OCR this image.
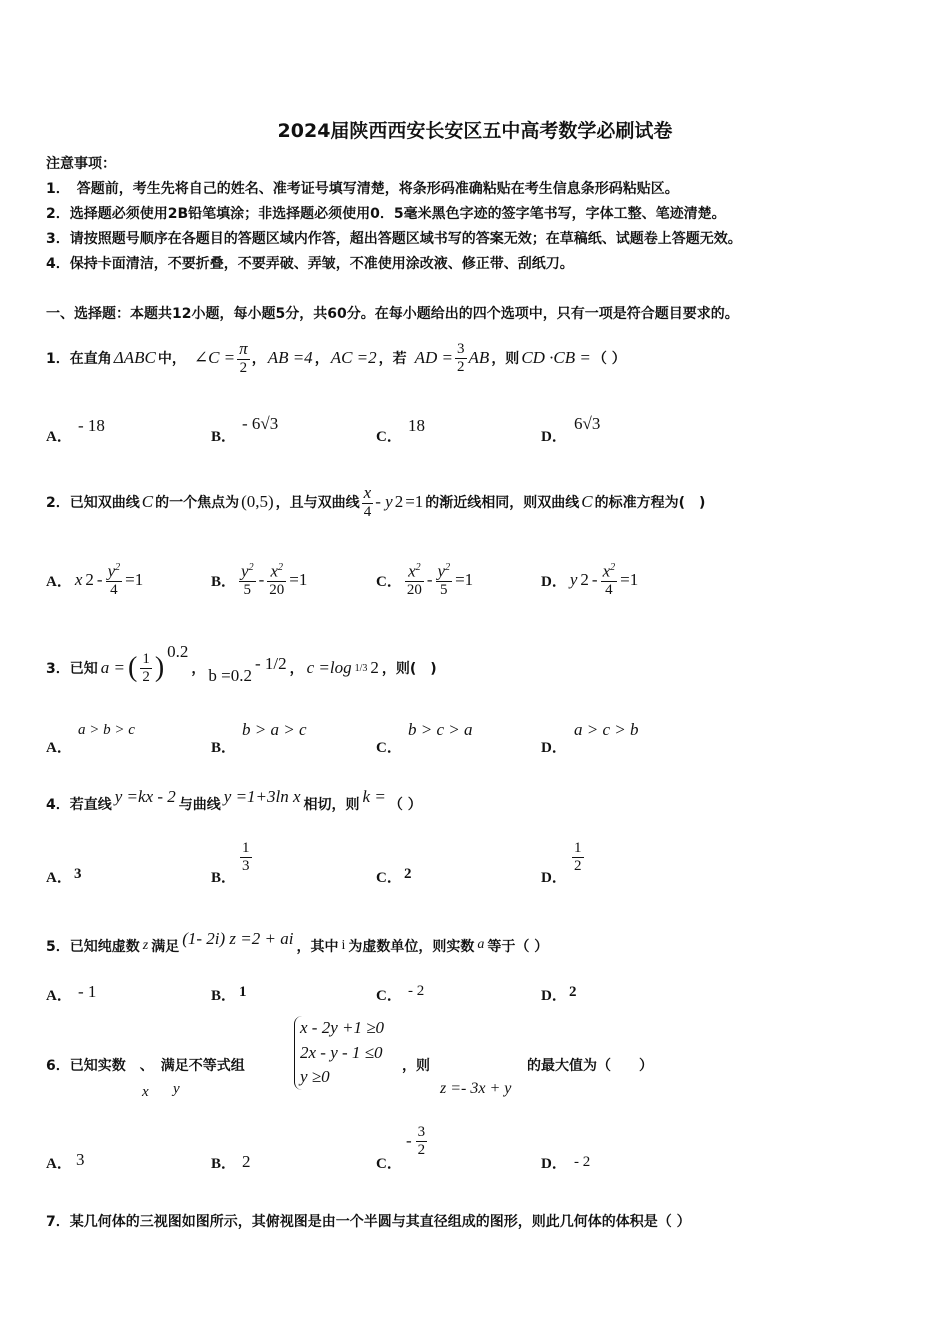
2024届陕西西安长安区五中高考数学必刷试卷
注意事项：
1．　答题前，考生先将自己的姓名、准考证号填写清楚，将条形码准确粘贴在考生信息条形码粘贴区。
2．选择题必须使用2B铅笔填涂；非选择题必须使用0．5毫米黑色字迹的签字笔书写，字体工整、笔迹清楚。
3．请按照题号顺序在各题目的答题区域内作答，超出答题区域书写的答案无效；在草稿纸、试题卷上答题无效。
4．保持卡面清洁，不要折叠，不要弄破、弄皱，不准使用涂改液、修正带、刮纸刀。
一、选择题：本题共12小题，每小题5分，共60分。在每小题给出的四个选项中，只有一项是符合题目要求的。
1．在直角 ΔABC 中， ∠C = $\frac{\pi}{2}$ ， AB =4 ， AC =2 ，若 AD = $\frac{3}{2}$ AB ，则 CD ·CB = （ ）
A．
- 18
B．
- 6√3
C．
18
D．
6√3
2．已知双曲线 C 的一个焦点为 (0,5) ，且与双曲线 $\frac{x}{4}$ - y 2 =1 的渐近线相同，则双曲线 C 的标准方程为(　)
A． x $2 - \frac{y^2}{4} =1$	B． $\frac{y^2}{5} - \frac{x^2}{20} =1$	C． $\frac{x^2}{20} - \frac{y^2}{5} =1$	D． y $2 - \frac{x^2}{4} =1$
3．已知 a = ( $\frac{1}{2}$ )
0.2
， b =0.2
- 1/2 ， c =log 1/3 2 ，则(　)
A．
a > b > c
B．
b > a > c
C．
b > c > a
D．
a > c > b
4．若直线 y =kx - 2 与曲线 y =1+3ln x 相切，则 k = （ ）
A． 3	B．
1
3
C． 2	D．
1
2
5．已知纯虚数 z 满足 (1- 2i) z =2 + ai ，其中 i 为虚数单位，则实数 a 等于（ ）
A． - 1	B． 1	C． - 2	D． 2
6．已知实数　、　满足不等式组
x y
x - 2y +1 ≥0
2x - y - 1 ≤0
y ≥0
，则	的最大值为（　　）
z =- 3x + y
A． 3	B． 2	C．
- $\frac{3}{2}$
D． - 2
7．某几何体的三视图如图所示，其俯视图是由一个半圆与其直径组成的图形，则此几何体的体积是（ ）
